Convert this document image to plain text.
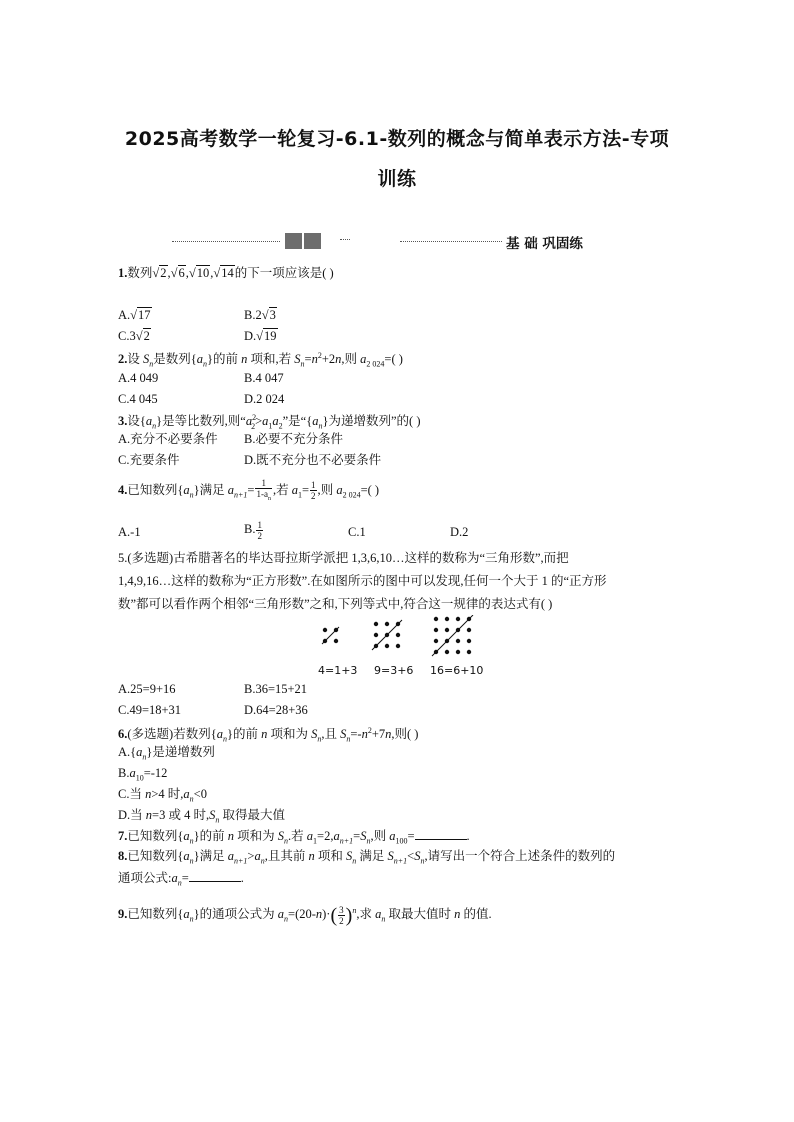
2025高考数学一轮复习-6.1-数列的概念与简单表示方法-专项
训练
基 础 巩固练
1.数列√2,√6,√10,√14的下一项应该是( )
A.√17	B.2√3
C.3√2	D.√19
2.设 $S_n$是数列$\{a_n\}$的前 n 项和,若 $S_n=n^2+2n$,则 $a_{2 024}=$( )
A.4 049	B.4 047
C.4 045	D.2 024
3.设$\{a_n\}$是等比数列,则“$a^2_2>a_1a_2$”是“$\{a_n\}$为递增数列”的( )
A.充分不必要条件 B.必要不充分条件
C.充要条件	D.既不充分也不必要条件
4.已知数列$\{a_n\}$满足 $a_{n+1}= \frac{1}{1-a_n}$ ,若 $a_1= \frac{1}{2}$ ,则 $a_{2 024}=$( )
A.-1	B. $\frac{1}{2}$	C.1	D.2
5.(多选题)古希腊著名的毕达哥拉斯学派把 1,3,6,10…这样的数称为“三角形数”,而把
1,4,9,16…这样的数称为“正方形数”.在如图所示的图中可以发现,任何一个大于 1 的“正方形
数”都可以看作两个相邻“三角形数”之和,下列等式中,符合这一规律的表达式有( )
4=1+3 9=3+6 16=6+10
A.25=9+16	B.36=15+21
C.49=18+31	D.64=28+36
6.(多选题)若数列$\{a_n\}$的前 n 项和为 $S_n$,且 $S_n=-n^2+7n$,则( )
$A.\{a_n\}$是递增数列
$B.a_{10}=-12$
C.当 n>4 时$,a_n<0$
D.当 n=3 或 4 时$,S_n$ 取得最大值
7.已知数列$\{a_n\}$的前 n 项和为 $S_n$.若 $a_1=2,a_{n+1}=S_n$,则 $a_{100}=$	.
8.已知数列$\{a_n\}$满足 $a_{n+1}>a_n$,且其前 n 项和 $S_n$ 满足 $S_{n+1}<S_n$,请写出一个符合上述条件的数列的
通项公式$:a_n=$	.
9.已知数列$\{a_n\}$的通项公式为 $a_n=(20-n)\cdot( \frac{3}{2} )^n$,求 $a_n$ 取最大值时 n 的值.
